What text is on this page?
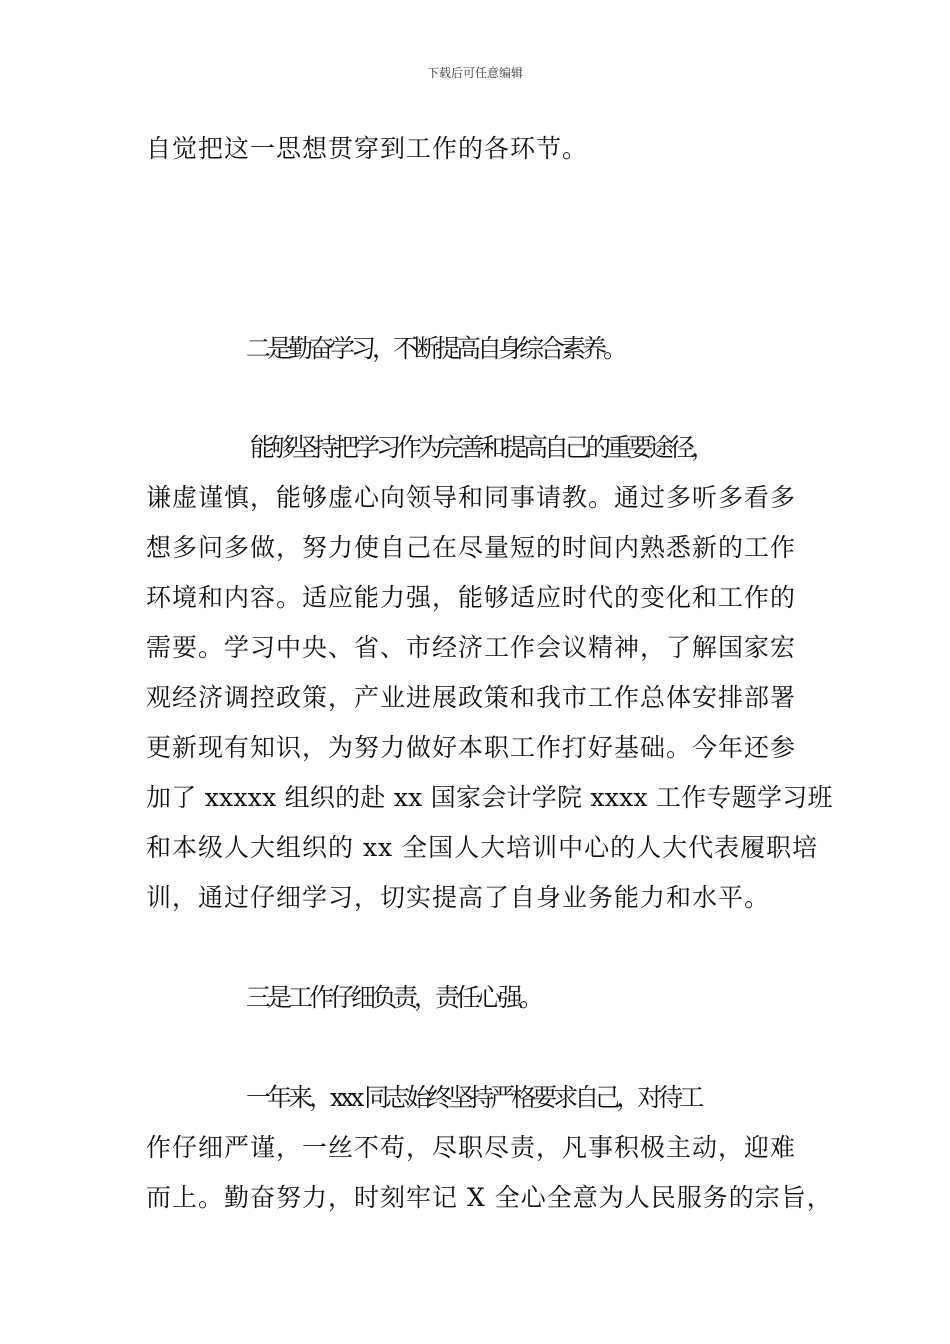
下载后可任意编辑
自觉把这一思想贯穿到工作的各环节。
二是勤奋学习，不断提高自身综合素养。
能够坚持把学习作为完善和提高自己的重要途径，
谦虚谨慎，能够虚心向领导和同事请教。通过多听多看多
想多问多做，努力使自己在尽量短的时间内熟悉新的工作
环境和内容。适应能力强，能够适应时代的变化和工作的
需要。学习中央、省、市经济工作会议精神，了解国家宏
观经济调控政策，产业进展政策和我市工作总体安排部署
更新现有知识，为努力做好本职工作打好基础。今年还参
加了 xxxxx 组织的赴 xx 国家会计学院 xxxx 工作专题学习班
和本级人大组织的 xx 全国人大培训中心的人大代表履职培
训，通过仔细学习，切实提高了自身业务能力和水平。
三是工作仔细负责，责任心强。
一年来，xxx 同志始终坚持严格要求自己，对待工
作仔细严谨，一丝不苟，尽职尽责，凡事积极主动，迎难
而上。勤奋努力，时刻牢记 X 全心全意为人民服务的宗旨，
